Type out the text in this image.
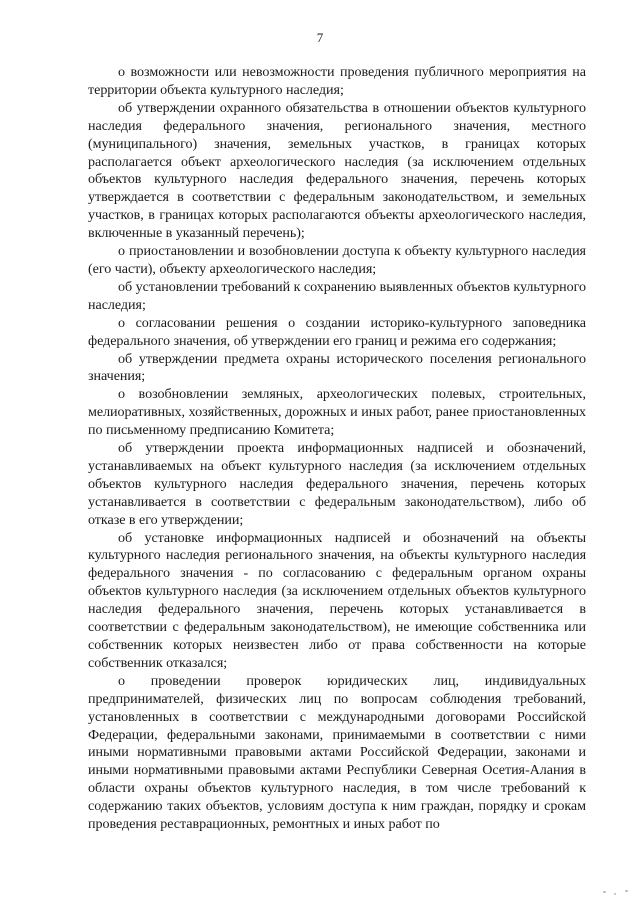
7

о возможности или невозможности проведения публичного мероприятия на территории объекта культурного наследия;

об утверждении охранного обязательства в отношении объектов культурного наследия федерального значения, регионального значения, местного (муниципального) значения, земельных участков, в границах которых располагается объект археологического наследия (за исключением отдельных объектов культурного наследия федерального значения, перечень которых утверждается в соответствии с федеральным законодательством, и земельных участков, в границах которых располагаются объекты археологического наследия, включенные в указанный перечень);

о приостановлении и возобновлении доступа к объекту культурного наследия (его части), объекту археологического наследия;

об установлении требований к сохранению выявленных объектов культурного наследия;

о согласовании решения о создании историко-культурного заповедника федерального значения, об утверждении его границ и режима его содержания;

об утверждении предмета охраны исторического поселения регионального значения;

о возобновлении земляных, археологических полевых, строительных, мелиоративных, хозяйственных, дорожных и иных работ, ранее приостановленных по письменному предписанию Комитета;

об утверждении проекта информационных надписей и обозначений, устанавливаемых на объект культурного наследия (за исключением отдельных объектов культурного наследия федерального значения, перечень которых устанавливается в соответствии с федеральным законодательством), либо об отказе в его утверждении;

об установке информационных надписей и обозначений на объекты культурного наследия регионального значения, на объекты культурного наследия федерального значения - по согласованию с федеральным органом охраны объектов культурного наследия (за исключением отдельных объектов культурного наследия федерального значения, перечень которых устанавливается в соответствии с федеральным законодательством), не имеющие собственника или собственник которых неизвестен либо от права собственности на которые собственник отказался;

о проведении проверок юридических лиц, индивидуальных предпринимателей, физических лиц по вопросам соблюдения требований, установленных в соответствии с международными договорами Российской Федерации, федеральными законами, принимаемыми в соответствии с ними иными нормативными правовыми актами Российской Федерации, законами и иными нормативными правовыми актами Республики Северная Осетия-Алания в области охраны объектов культурного наследия, в том числе требований к содержанию таких объектов, условиям доступа к ним граждан, порядку и срокам проведения реставрационных, ремонтных и иных работ по
